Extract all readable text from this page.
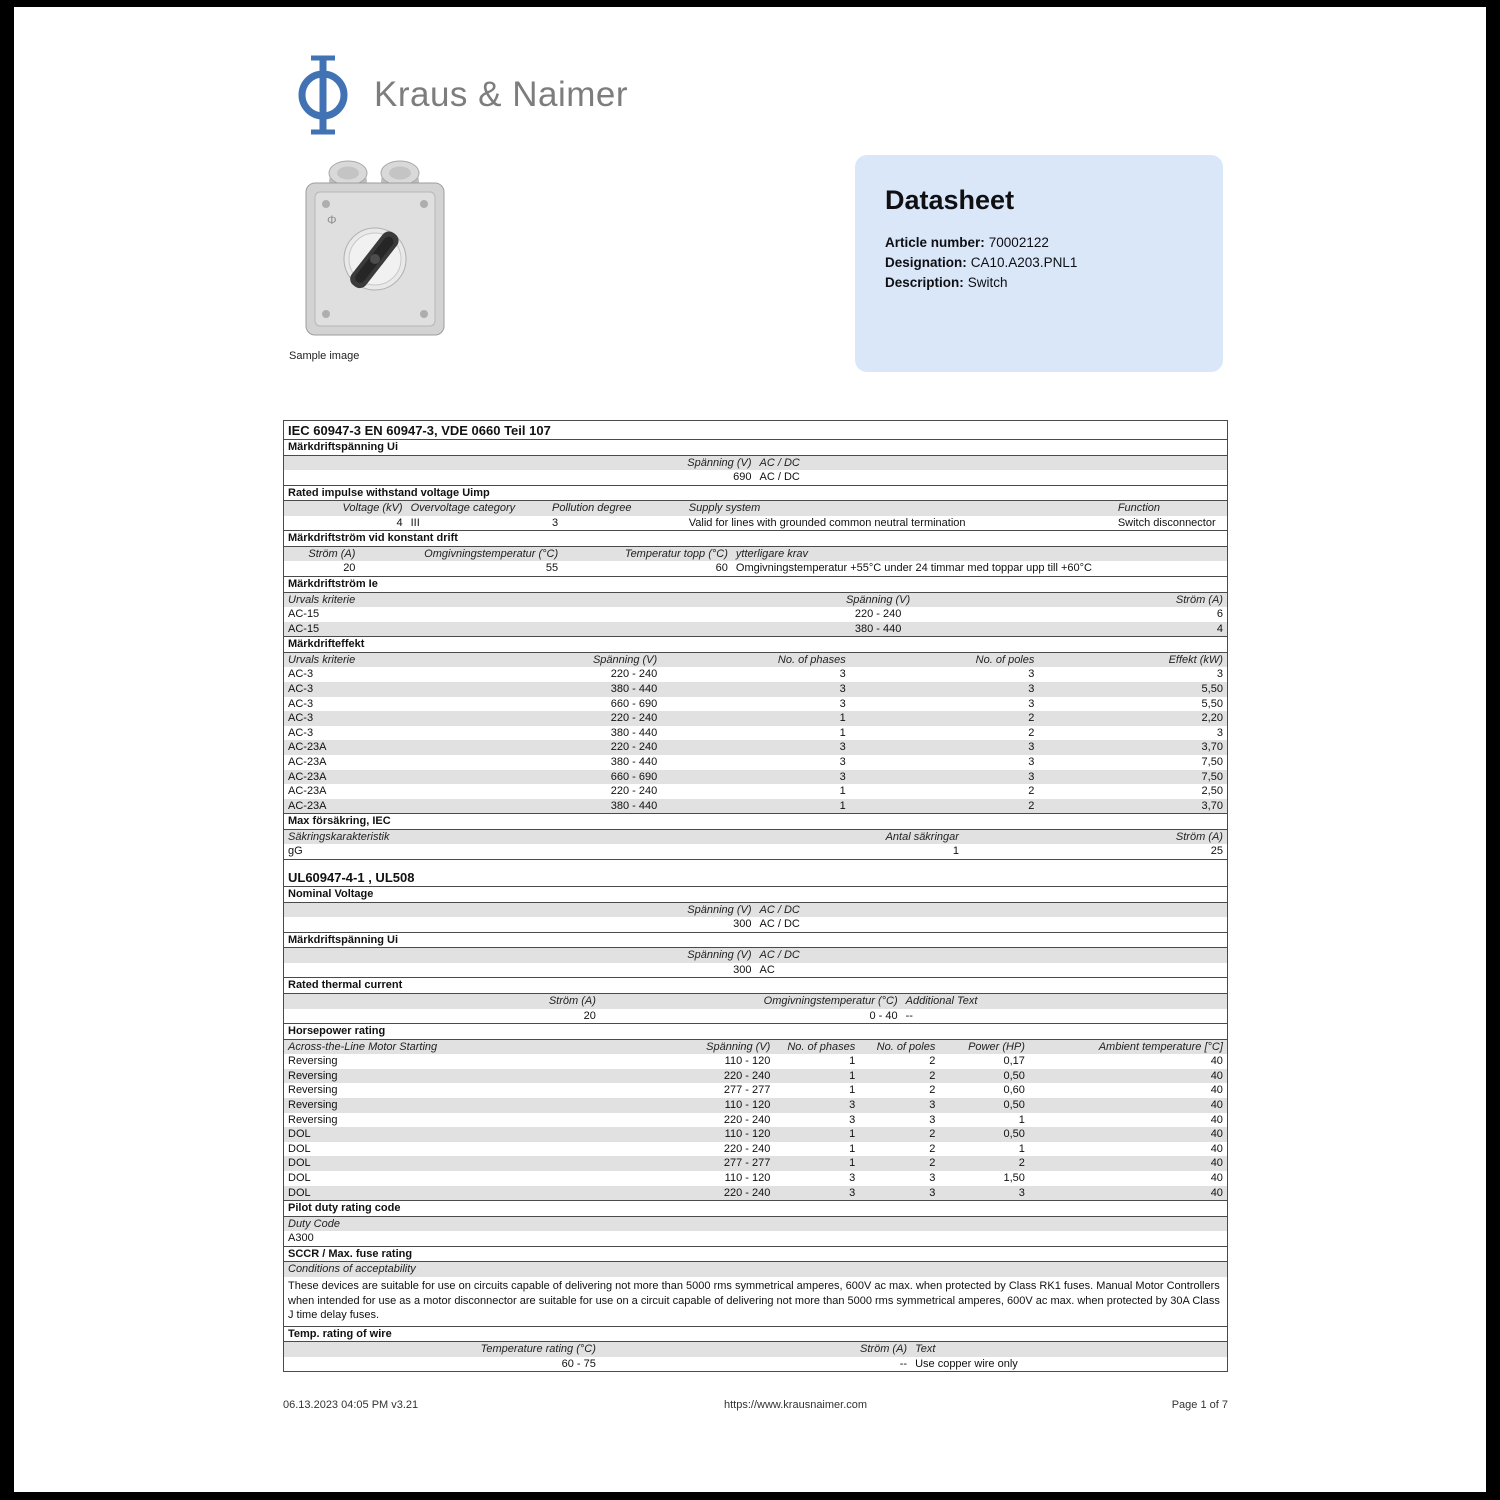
Kraus & Naimer
Φ
Sample image
Datasheet
Article number: 70002122
Designation: CA10.A203.PNL1
Description: Switch
IEC 60947-3 EN 60947-3, VDE 0660 Teil 107
Märkdriftspänning Ui
Spänning (V) AC / DC
690 AC / DC
Rated impulse withstand voltage Uimp
Voltage (kV) Overvoltage category	Pollution degree	Supply system	Function
4 III	3	Valid for lines with grounded common neutral termination	Switch disconnector
Märkdriftström vid konstant drift
Ström (A)	Omgivningstemperatur (°C)	Temperatur topp (°C) ytterligare krav
20	55	60 Omgivningstemperatur +55°C under 24 timmar med toppar upp till +60°C
Märkdriftström Ie
Urvals kriterie	Spänning (V)	Ström (A)
AC-15	220 - 240	6
AC-15	380 - 440	4
Märkdrifteffekt
Urvals kriterie	Spänning (V)	No. of phases	No. of poles	Effekt (kW)
AC-3	220 - 240	3	3	3
AC-3	380 - 440	3	3	5,50
AC-3	660 - 690	3	3	5,50
AC-3	220 - 240	1	2	2,20
AC-3	380 - 440	1	2	3
AC-23A	220 - 240	3	3	3,70
AC-23A	380 - 440	3	3	7,50
AC-23A	660 - 690	3	3	7,50
AC-23A	220 - 240	1	2	2,50
AC-23A	380 - 440	1	2	3,70
Max försäkring, IEC
Säkringskarakteristik	Antal säkringar	Ström (A)
gG	1	25
UL60947-4-1 , UL508
Nominal Voltage
Spänning (V) AC / DC
300 AC / DC
Märkdriftspänning Ui
Spänning (V) AC / DC
300 AC
Rated thermal current
Ström (A)	Omgivningstemperatur (°C) Additional Text
20	0 - 40 --
Horsepower rating
Across-the-Line Motor Starting	Spänning (V)	No. of phases	No. of poles	Power (HP)	Ambient temperature [°C]
Reversing	110 - 120	1	2	0,17	40
Reversing	220 - 240	1	2	0,50	40
Reversing	277 - 277	1	2	0,60	40
Reversing	110 - 120	3	3	0,50	40
Reversing	220 - 240	3	3	1	40
DOL	110 - 120	1	2	0,50	40
DOL	220 - 240	1	2	1	40
DOL	277 - 277	1	2	2	40
DOL	110 - 120	3	3	1,50	40
DOL	220 - 240	3	3	3	40
Pilot duty rating code
Duty Code
A300
SCCR / Max. fuse rating
Conditions of acceptability
These devices are suitable for use on circuits capable of delivering not more than 5000 rms symmetrical amperes, 600V ac max. when protected by Class RK1 fuses. Manual Motor Controllers when intended for use as a motor disconnector are suitable for use on a circuit capable of delivering not more than 5000 rms symmetrical amperes, 600V ac max. when protected by 30A Class J time delay fuses.
Temp. rating of wire
Temperature rating (°C)	Ström (A) Text
60 - 75	-- Use copper wire only
06.13.2023 04:05 PM v3.21	https://www.krausnaimer.com	Page 1 of 7
